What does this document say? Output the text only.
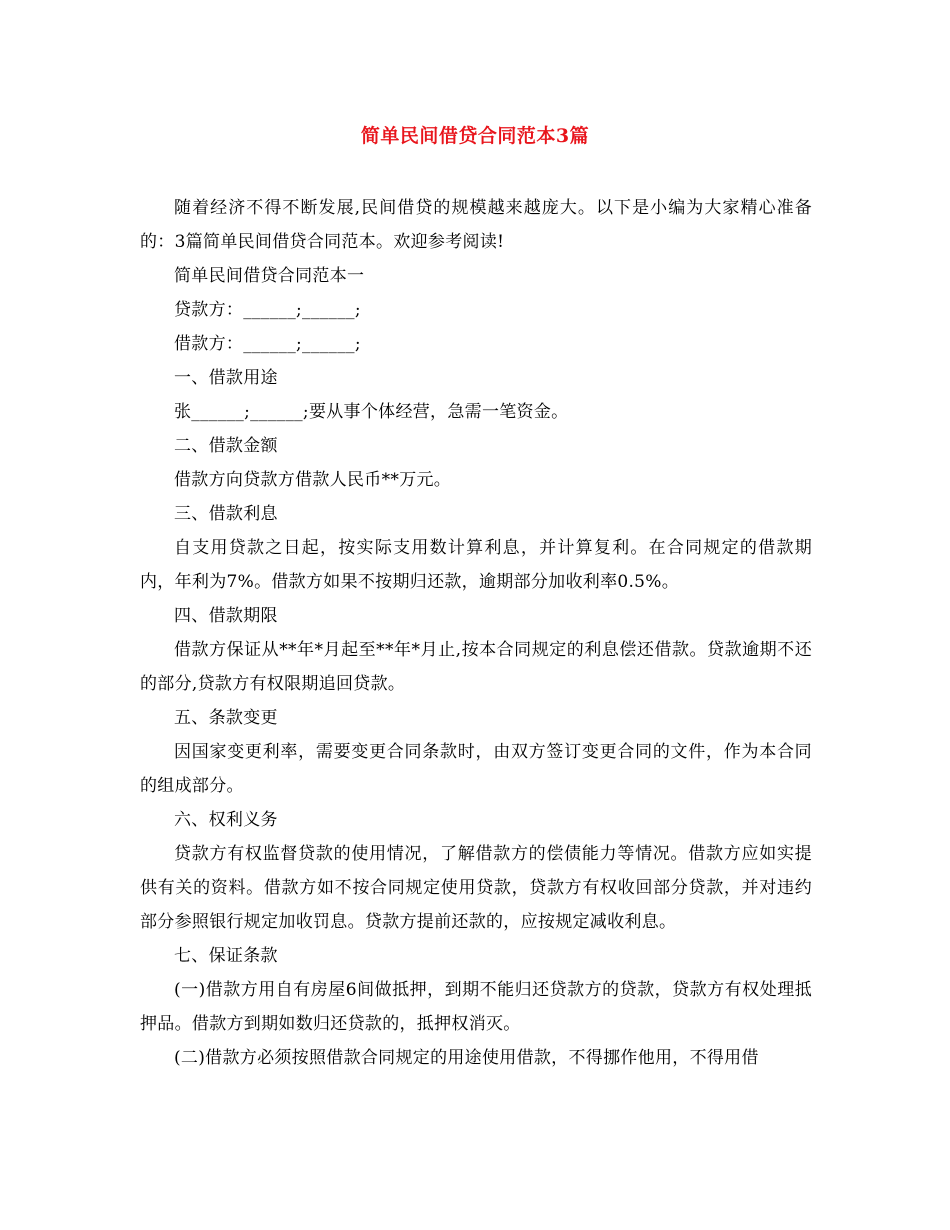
简单民间借贷合同范本3篇

随着经济不得不断发展,民间借贷的规模越来越庞大。以下是小编为大家精心准备的：3篇简单民间借贷合同范本。欢迎参考阅读!

简单民间借贷合同范本一

贷款方：______;______;

借款方：______;______;

一、借款用途

张______;______;要从事个体经营，急需一笔资金。

二、借款金额

借款方向贷款方借款人民币**万元。

三、借款利息

自支用贷款之日起，按实际支用数计算利息，并计算复利。在合同规定的借款期内，年利为7%。借款方如果不按期归还款，逾期部分加收利率0.5%。

四、借款期限

借款方保证从**年*月起至**年*月止,按本合同规定的利息偿还借款。贷款逾期不还的部分,贷款方有权限期追回贷款。

五、条款变更

因国家变更利率，需要变更合同条款时，由双方签订变更合同的文件，作为本合同的组成部分。

六、权利义务

贷款方有权监督贷款的使用情况，了解借款方的偿债能力等情况。借款方应如实提供有关的资料。借款方如不按合同规定使用贷款，贷款方有权收回部分贷款，并对违约部分参照银行规定加收罚息。贷款方提前还款的，应按规定减收利息。

七、保证条款

(一)借款方用自有房屋6间做抵押，到期不能归还贷款方的贷款，贷款方有权处理抵押品。借款方到期如数归还贷款的，抵押权消灭。

(二)借款方必须按照借款合同规定的用途使用借款，不得挪作他用，不得用借
